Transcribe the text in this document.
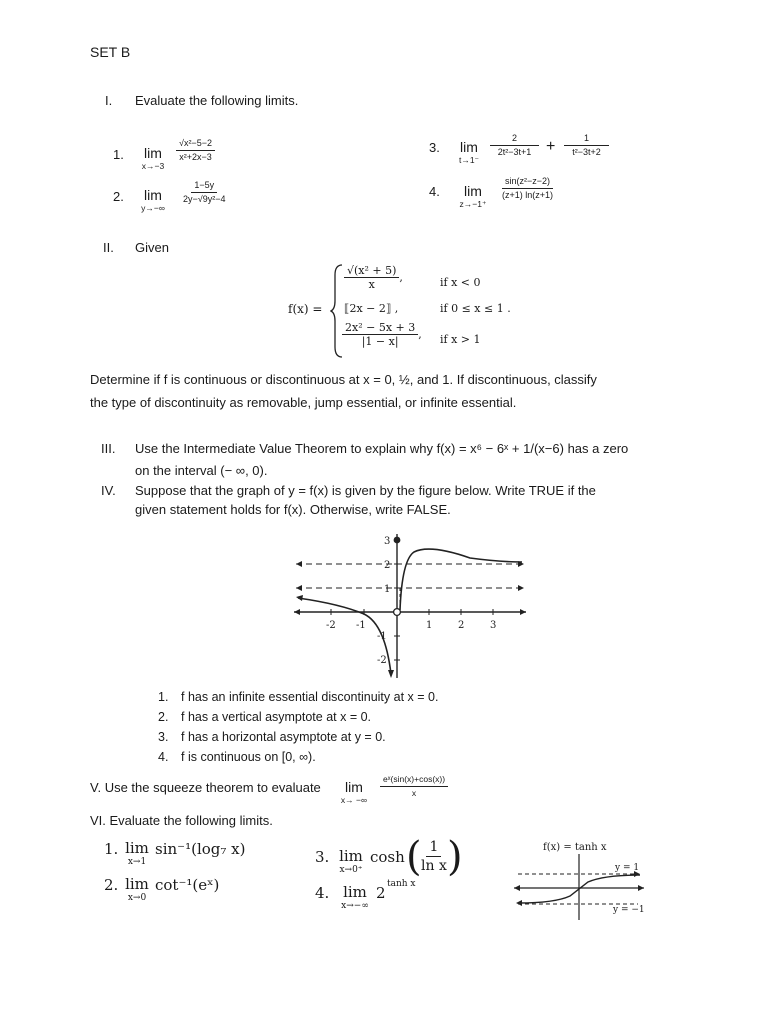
SET B
I. Evaluate the following limits.
1.	lim
x→−3
$\frac{\text{√x²−5−2}}{\text{x²+2x−3}}$
2.	lim
y→−∞
$\frac{1-5y}{\text{2y−√9y²−4}}$
3.	lim
t→1⁻
$\frac{2}{\text{2t²−3t+1}} + \frac{1}{\text{t²−3t+2}}$
4.	lim
z→−1⁺
$\frac{\text{sin(z²−z−2)}}{(z+1) \ln(z+1)}$
II. Given
f(x) =
$\frac{\text{√(x² + 5)}}{x}$ ,	if x < 0
⟦2x − 2⟧ ,	if 0 ≤ x ≤ 1 .
$\frac{\text{2x² − 5x + 3}}{|1 - x|}$ , if x > 1
Determine if f is continuous or discontinuous at x = 0, ½, and 1. If discontinuous, classify
the type of discontinuity as removable, jump essential, or infinite essential.
III. Use the Intermediate Value Theorem to explain why f(x) = x⁶ − 6ˣ + 1/(x−6) has a zero
on the interval (− ∞, 0).
IV. Suppose that the graph of y = f(x) is given by the figure below. Write TRUE if the
given statement holds for f(x). Otherwise, write FALSE.
-2 -1	1	2	3
3
2
1
-1
-2
1. f has an infinite essential discontinuity at x = 0.
2. f has a vertical asymptote at x = 0.
3. f has a horizontal asymptote at y = 0.
4. f is continuous on [0, ∞).
V. Use the squeeze theorem to evaluate	lim
x→ −∞
$\frac{\text{eˣ(sin(x)+cos(x))}}{x}$
VI. Evaluate the following limits.
1. lim
x→1
sin⁻¹(log₇ x)
2. lim
x→0
cot⁻¹(eˣ)
3. lim
x→0⁺
cosh (
$\frac{1}{\text{ln x}}$
)
4. lim
x→−∞
2 tanh x
f(x) = tanh x
y = 1
y = −1
